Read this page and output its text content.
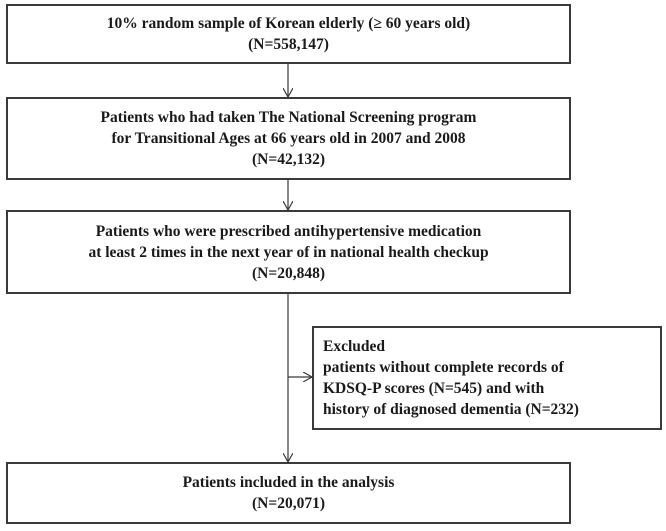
10% random sample of Korean elderly (≥ 60 years old)
(N=558,147)
Patients who had taken The National Screening program
for Transitional Ages at 66 years old in 2007 and 2008
(N=42,132)
Patients who were prescribed antihypertensive medication
at least 2 times in the next year of in national health checkup
(N=20,848)
Excluded
patients without complete records of
KDSQ-P scores (N=545) and with
history of diagnosed dementia (N=232)
Patients included in the analysis
(N=20,071)
